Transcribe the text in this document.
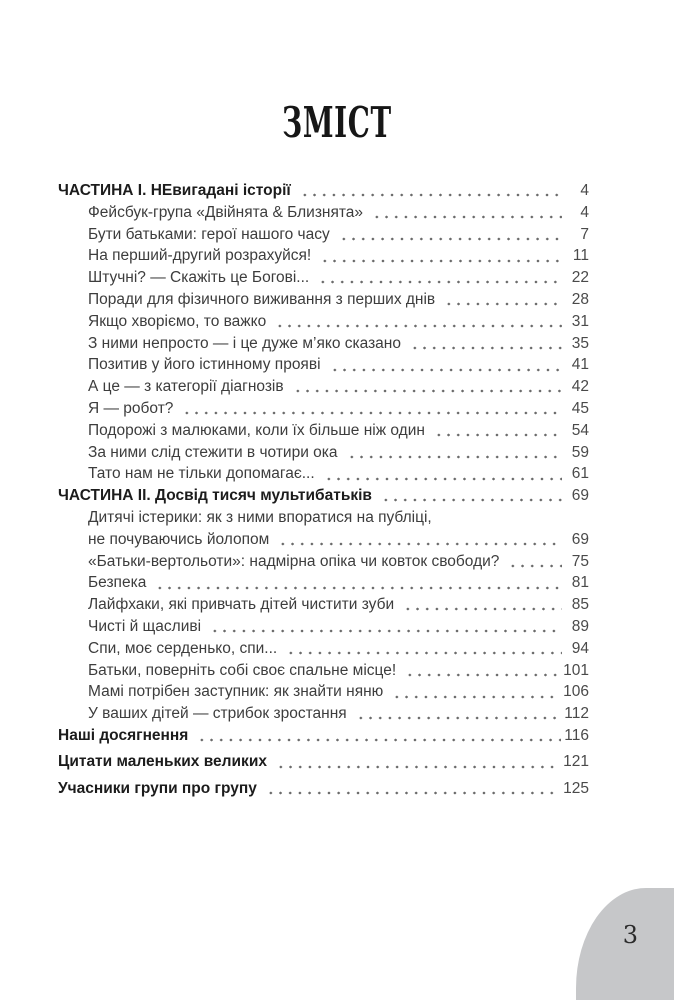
ЗМІСТ
ЧАСТИНА І. НЕвигадані історії	4
Фейсбук-група «Двійнята & Близнята»	4
Бути батьками: герої нашого часу	7
На перший-другий розрахуйся!	11
Штучні? — Скажіть це Богові...	22
Поради для фізичного виживання з перших днів	28
Якщо хворіємо, то важко	31
З ними непросто — і це дуже м’яко сказано	35
Позитив у його істинному прояві	41
А це — з категорії діагнозів	42
Я — робот?	45
Подорожі з малюками, коли їх більше ніж один	54
За ними слід стежити в чотири ока	59
Тато нам не тільки допомагає...	61
ЧАСТИНА ІІ. Досвід тисяч мультибатьків	69
Дитячі істерики: як з ними впоратися на публіці,
не почуваючись йолопом	69
«Батьки-вертольоти»: надмірна опіка чи ковток свободи?	75
Безпека	81
Лайфхаки, які привчать дітей чистити зуби	85
Чисті й щасливі	89
Спи, моє серденько, спи...	94
Батьки, поверніть собі своє спальне місце!	101
Мамі потрібен заступник: як знайти няню	106
У ваших дітей — стрибок зростання	112
Наші досягнення	116
Цитати маленьких великих	121
Учасники групи про групу	125
3
